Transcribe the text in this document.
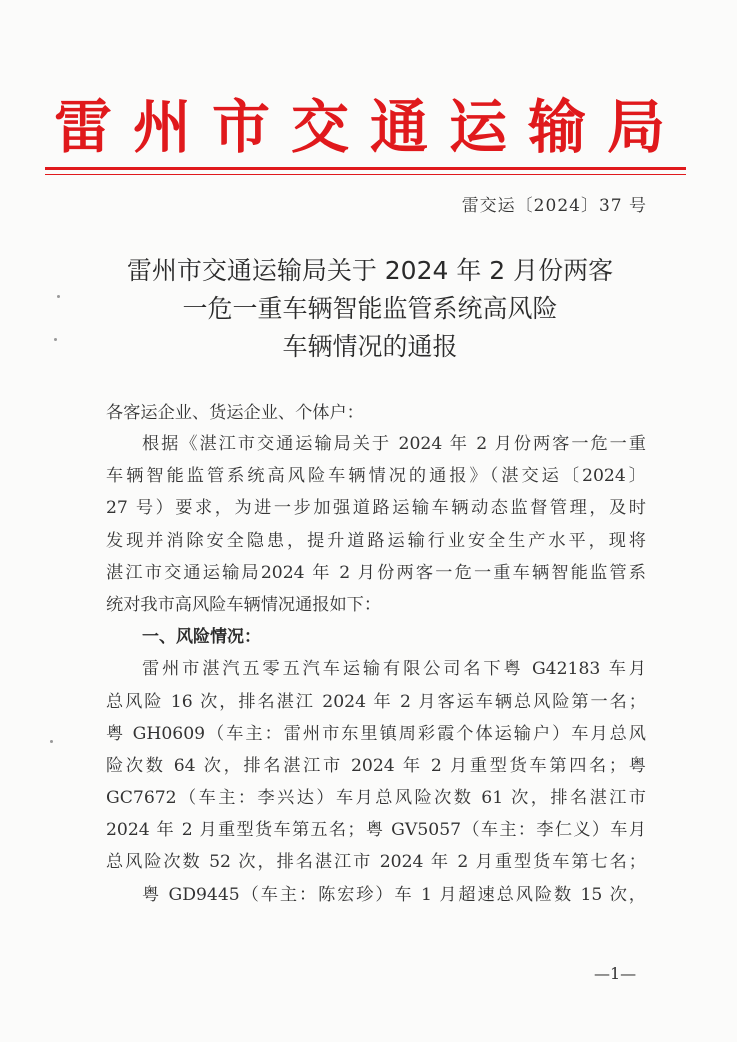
雷州市交通运输局
雷交运〔2024〕37 号
雷州市交通运输局关于 2024 年 2 月份两客
一危一重车辆智能监管系统高风险
车辆情况的通报
各客运企业、货运企业、个体户：
根据《湛江市交通运输局关于 2024 年 2 月份两客一危一重
车辆智能监管系统高风险车辆情况的通报》（湛交运〔2024〕
27 号）要求，为进一步加强道路运输车辆动态监督管理，及时
发现并消除安全隐患，提升道路运输行业安全生产水平，现将
湛江市交通运输局2024 年 2 月份两客一危一重车辆智能监管系
统对我市高风险车辆情况通报如下：
一、风险情况：
雷州市湛汽五零五汽车运输有限公司名下粤 G42183 车月
总风险 16 次，排名湛江 2024 年 2 月客运车辆总风险第一名；
粤 GH0609（车主：雷州市东里镇周彩霞个体运输户）车月总风
险次数 64 次，排名湛江市 2024 年 2 月重型货车第四名；粤
GC7672（车主：李兴达）车月总风险次数 61 次，排名湛江市
2024 年 2 月重型货车第五名；粤 GV5057（车主：李仁义）车月
总风险次数 52 次，排名湛江市 2024 年 2 月重型货车第七名；
粤 GD9445（车主：陈宏珍）车 1 月超速总风险数 15 次，
—1—
